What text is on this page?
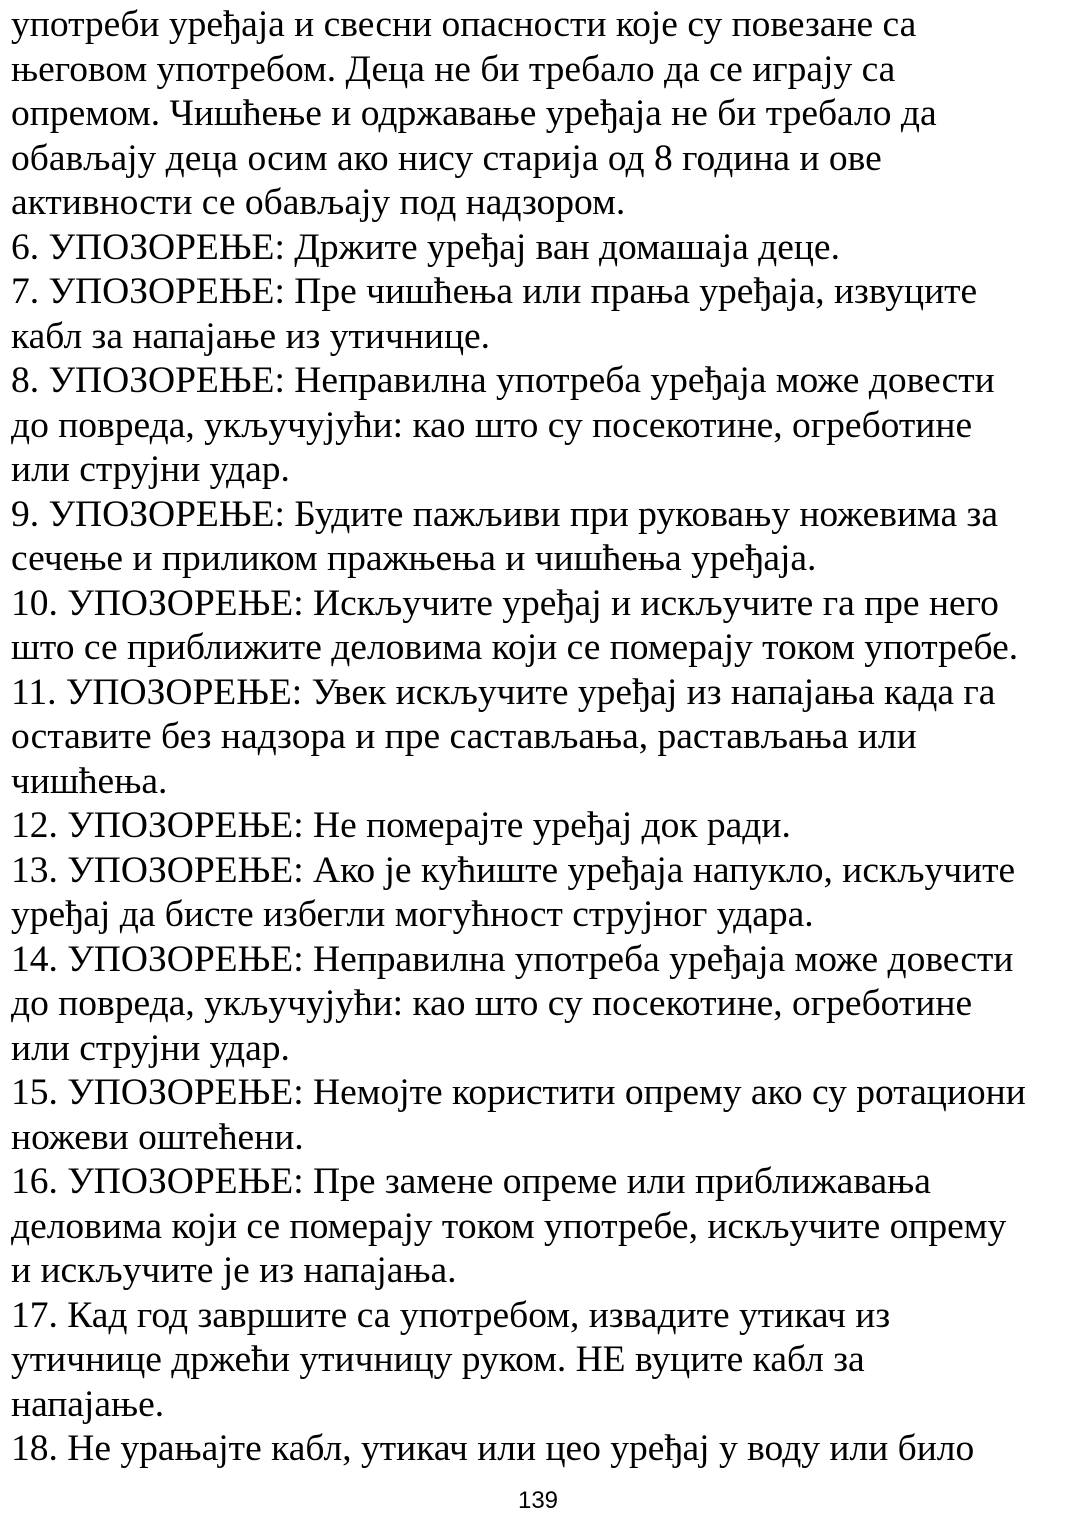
употреби уређаја и свесни опасности које су повезане са
његовом употребом. Деца не би требало да се играју са
опремом. Чишћење и одржавање уређаја не би требало да
обављају деца осим ако нису старија од 8 година и ове
активности се обављају под надзором.
6. УПОЗОРЕЊЕ: Држите уређај ван домашаја деце.
7. УПОЗОРЕЊЕ: Пре чишћења или прања уређаја, извуците
кабл за напајање из утичнице.
8. УПОЗОРЕЊЕ: Неправилна употреба уређаја може довести
до повреда, укључујући: као што су посекотине, огреботине
или струјни удар.
9. УПОЗОРЕЊЕ: Будите пажљиви при руковању ножевима за
сечење и приликом пражњења и чишћења уређаја.
10. УПОЗОРЕЊЕ: Искључите уређај и искључите га пре него
што се приближите деловима који се померају током употребе.
11. УПОЗОРЕЊЕ: Увек искључите уређај из напајања када га
оставите без надзора и пре састављања, растављања или
чишћења.
12. УПОЗОРЕЊЕ: Не померајте уређај док ради.
13. УПОЗОРЕЊЕ: Ако је кућиште уређаја напукло, искључите
уређај да бисте избегли могућност струјног удара.
14. УПОЗОРЕЊЕ: Неправилна употреба уређаја може довести
до повреда, укључујући: као што су посекотине, огреботине
или струјни удар.
15. УПОЗОРЕЊЕ: Немојте користити опрему ако су ротациони
ножеви оштећени.
16. УПОЗОРЕЊЕ: Пре замене опреме или приближавања
деловима који се померају током употребе, искључите опрему
и искључите је из напајања.
17. Кад год завршите са употребом, извадите утикач из
утичнице држећи утичницу руком. НЕ вуците кабл за
напајање.
18. Не урањајте кабл, утикач или цео уређај у воду или било
139
